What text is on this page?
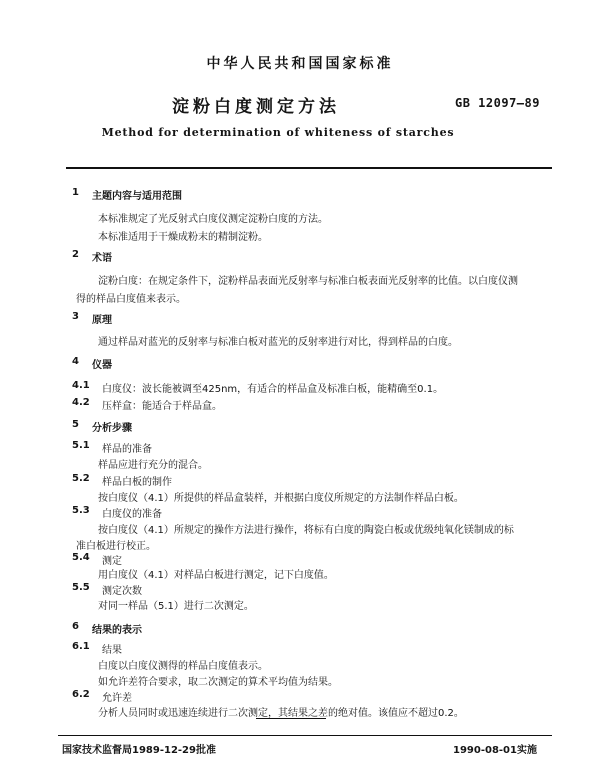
中华人民共和国国家标准
淀粉白度测定方法	GB 12097—89
Method for determination of whiteness of starches
1 主题内容与适用范围
本标准规定了光反射式白度仪测定淀粉白度的方法。
本标准适用于干燥成粉末的精制淀粉。
2 术语
淀粉白度：在规定条件下，淀粉样品表面光反射率与标准白板表面光反射率的比值。以白度仪测
得的样品白度值来表示。
3 原理
通过样品对蓝光的反射率与标准白板对蓝光的反射率进行对比，得到样品的白度。
4 仪器
4.1 白度仪：波长能被调至425nm，有适合的样品盒及标准白板，能精确至0.1。
4.2 压样盒：能适合于样品盒。
5 分析步骤
5.1 样品的准备
样品应进行充分的混合。
5.2 样品白板的制作
按白度仪（4.1）所提供的样品盒装样，并根据白度仪所规定的方法制作样品白板。
5.3 白度仪的准备
按白度仪（4.1）所规定的操作方法进行操作，将标有白度的陶瓷白板或优级纯氧化镁制成的标
准白板进行校正。
5.4 测定
用白度仪（4.1）对样品白板进行测定，记下白度值。
5.5 测定次数
对同一样品（5.1）进行二次测定。
6 结果的表示
6.1 结果
白度以白度仪测得的样品白度值表示。
如允许差符合要求，取二次测定的算术平均值为结果。
6.2 允许差
分析人员同时或迅速连续进行二次测定，其结果之差的绝对值。该值应不超过0.2。
国家技术监督局1989-12-29批准	1990-08-01实施
